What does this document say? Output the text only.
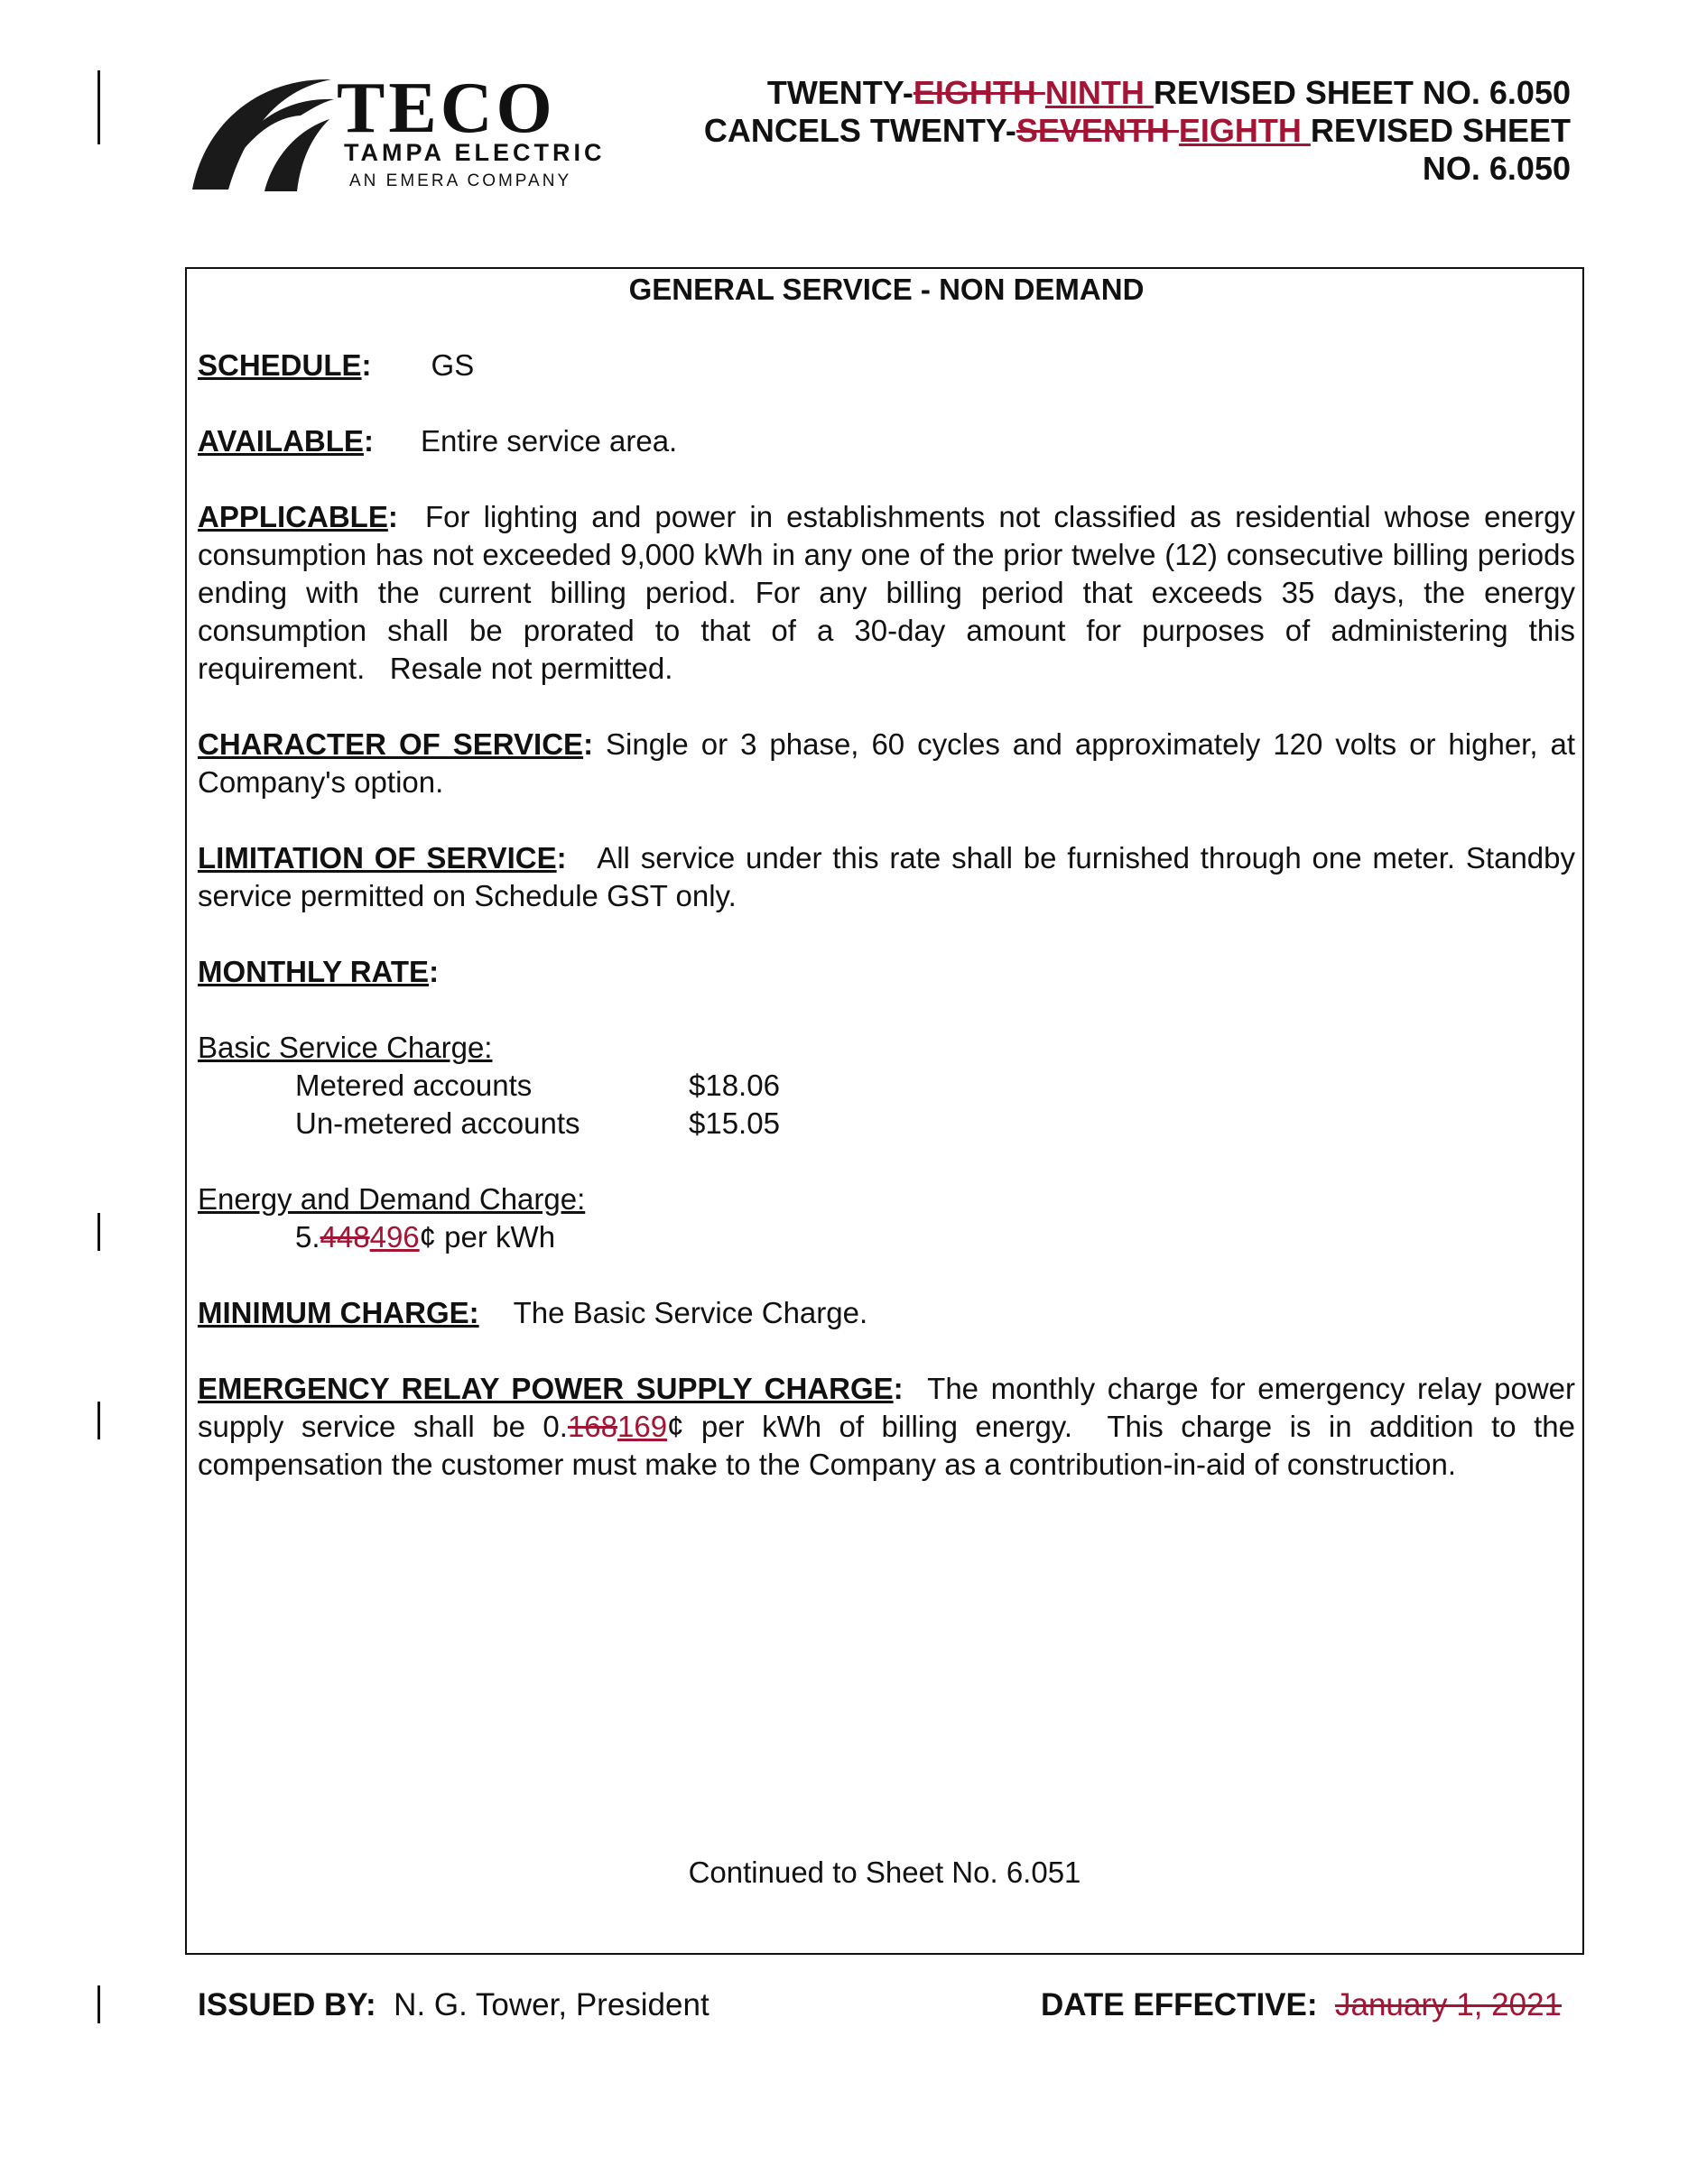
TECO
TAMPA ELECTRIC
AN EMERA COMPANY
TWENTY-EIGHTH NINTH REVISED SHEET NO. 6.050
CANCELS TWENTY-SEVENTH EIGHTH REVISED SHEET
NO. 6.050
GENERAL SERVICE - NON DEMAND
SCHEDULE: GS
AVAILABLE: Entire service area.
APPLICABLE:  For lighting and power in establishments not classified as residential whose energy consumption has not exceeded 9,000 kWh in any one of the prior twelve (12) consecutive billing periods ending with the current billing period. For any billing period that exceeds 35 days, the energy consumption shall be prorated to that of a 30-day amount for purposes of administering this requirement.   Resale not permitted.
CHARACTER OF SERVICE: Single or 3 phase, 60 cycles and approximately 120 volts or higher, at Company's option.
LIMITATION OF SERVICE:   All service under this rate shall be furnished through one meter. Standby service permitted on Schedule GST only.
MONTHLY RATE:
Basic Service Charge:
Metered accounts	$18.06
Un-metered accounts	$15.05
Energy and Demand Charge:
5.448496¢ per kWh
MINIMUM CHARGE: The Basic Service Charge.
EMERGENCY RELAY POWER SUPPLY CHARGE:  The monthly charge for emergency relay power supply service shall be 0.168169¢ per kWh of billing energy.  This charge is in addition to the compensation the customer must make to the Company as a contribution-in-aid of construction.
Continued to Sheet No. 6.051
ISSUED BY: N. G. Tower, President	DATE EFFECTIVE: January 1, 2021
